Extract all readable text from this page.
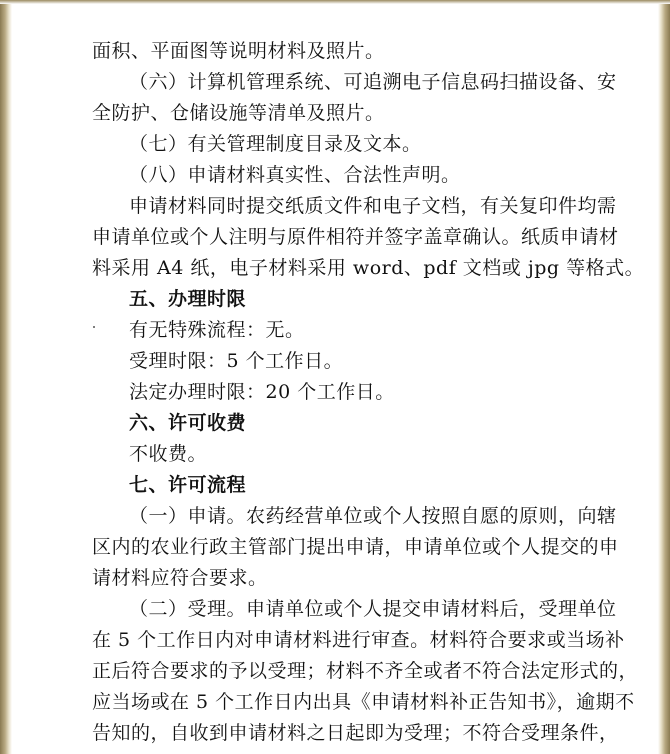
面积、平面图等说明材料及照片。
（六）计算机管理系统、可追溯电子信息码扫描设备、安
全防护、仓储设施等清单及照片。
（七）有关管理制度目录及文本。
（八）申请材料真实性、合法性声明。
申请材料同时提交纸质文件和电子文档，有关复印件均需
申请单位或个人注明与原件相符并签字盖章确认。纸质申请材
料采用 A4 纸，电子材料采用 word、pdf 文档或 jpg 等格式。
五、办理时限
有无特殊流程：无。
受理时限：5 个工作日。
法定办理时限：20 个工作日。
六、许可收费
不收费。
七、许可流程
（一）申请。农药经营单位或个人按照自愿的原则，向辖
区内的农业行政主管部门提出申请，申请单位或个人提交的申
请材料应符合要求。
（二）受理。申请单位或个人提交申请材料后，受理单位
在 5 个工作日内对申请材料进行审查。材料符合要求或当场补
正后符合要求的予以受理；材料不齐全或者不符合法定形式的，
应当场或在 5 个工作日内出具《申请材料补正告知书》，逾期不
告知的，自收到申请材料之日起即为受理；不符合受理条件，
